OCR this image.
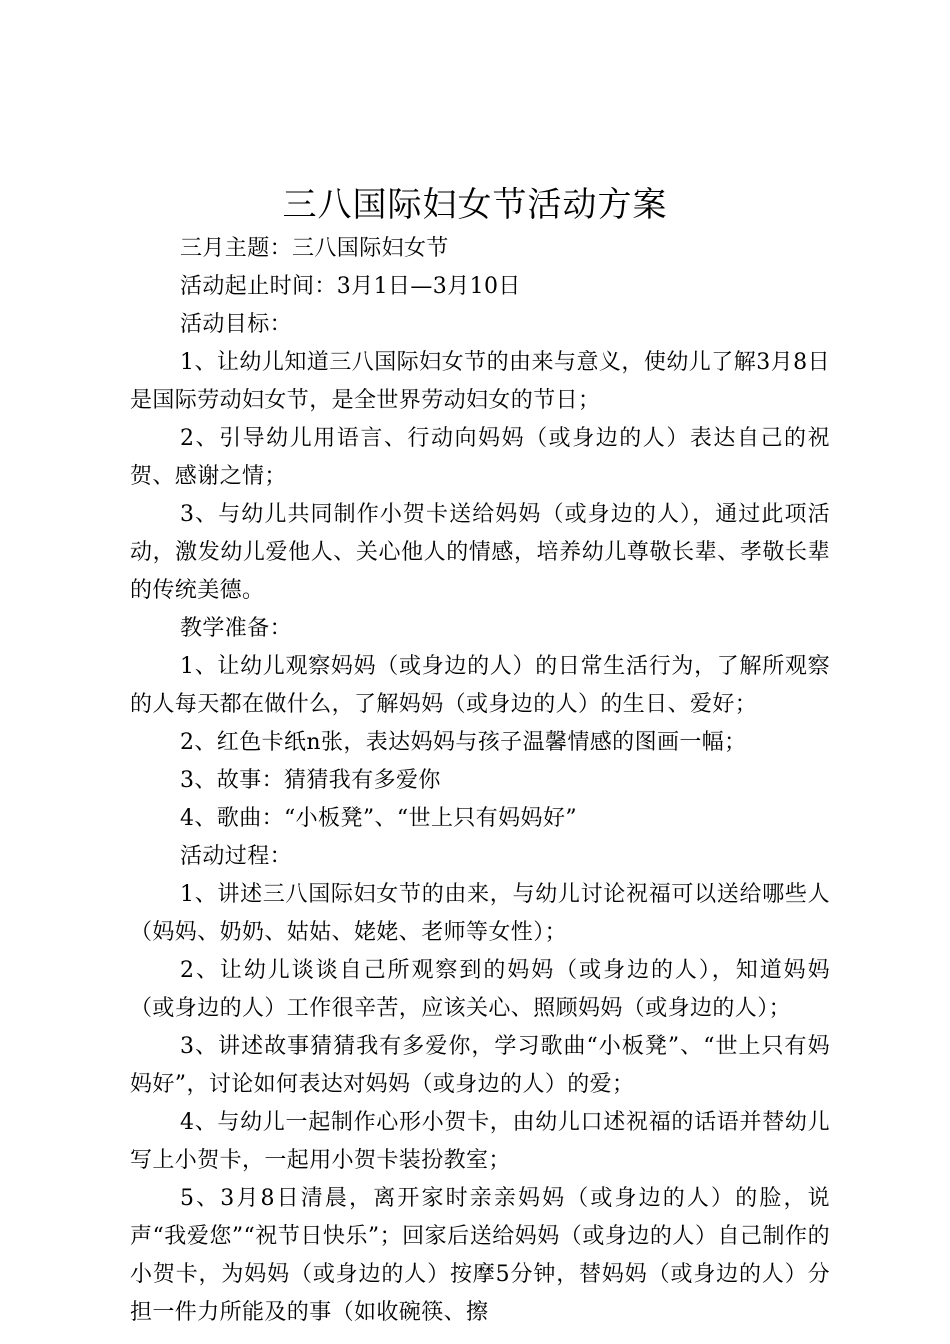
三八国际妇女节活动方案

三月主题：三八国际妇女节

活动起止时间：3月1日—3月10日

活动目标：

1、让幼儿知道三八国际妇女节的由来与意义，使幼儿了解3月8日是国际劳动妇女节，是全世界劳动妇女的节日；

2、引导幼儿用语言、行动向妈妈（或身边的人）表达自己的祝贺、感谢之情；

3、与幼儿共同制作小贺卡送给妈妈（或身边的人），通过此项活动，激发幼儿爱他人、关心他人的情感，培养幼儿尊敬长辈、孝敬长辈的传统美德。

教学准备：

1、让幼儿观察妈妈（或身边的人）的日常生活行为，了解所观察的人每天都在做什么，了解妈妈（或身边的人）的生日、爱好；

2、红色卡纸n张，表达妈妈与孩子温馨情感的图画一幅；

3、故事：猜猜我有多爱你

4、歌曲：“小板凳”、“世上只有妈妈好”

活动过程：

1、讲述三八国际妇女节的由来，与幼儿讨论祝福可以送给哪些人（妈妈、奶奶、姑姑、姥姥、老师等女性）；

2、让幼儿谈谈自己所观察到的妈妈（或身边的人），知道妈妈（或身边的人）工作很辛苦，应该关心、照顾妈妈（或身边的人）；

3、讲述故事猜猜我有多爱你，学习歌曲“小板凳”、“世上只有妈妈好”，讨论如何表达对妈妈（或身边的人）的爱；

4、与幼儿一起制作心形小贺卡，由幼儿口述祝福的话语并替幼儿写上小贺卡，一起用小贺卡装扮教室；

5、3月8日清晨，离开家时亲亲妈妈（或身边的人）的脸，说声“我爱您”“祝节日快乐”；回家后送给妈妈（或身边的人）自己制作的小贺卡，为妈妈（或身边的人）按摩5分钟，替妈妈（或身边的人）分担一件力所能及的事（如收碗筷、擦
